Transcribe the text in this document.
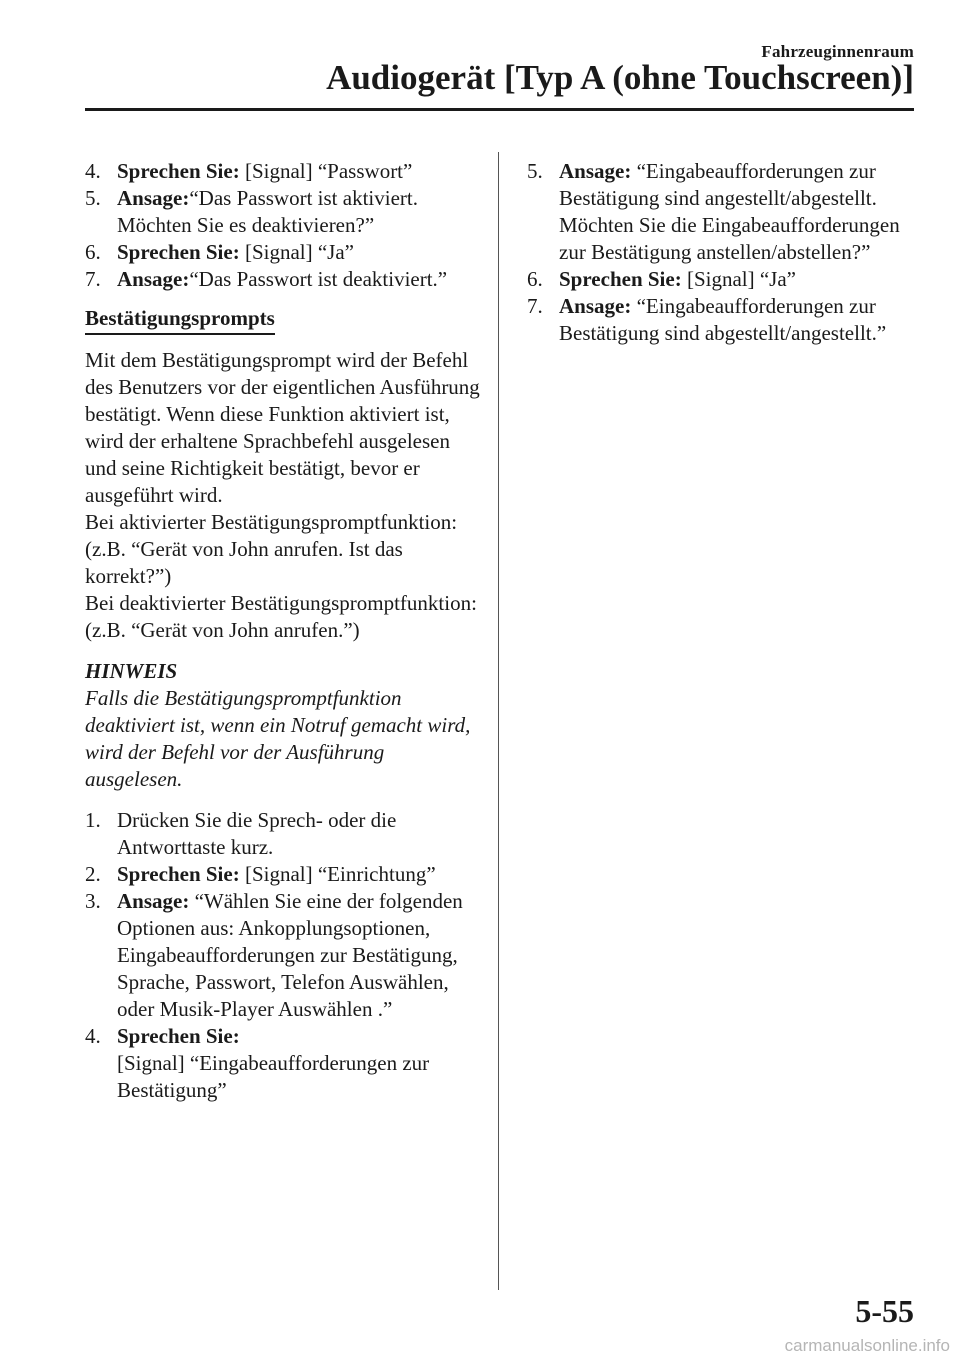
Fahrzeuginnenraum
Audiogerät [Typ A (ohne Touchscreen)]
4. Sprechen Sie: [Signal] “Passwort”
5. Ansage:“Das Passwort ist aktiviert. Möchten Sie es deaktivieren?”
6. Sprechen Sie: [Signal] “Ja”
7. Ansage:“Das Passwort ist deaktiviert.”
Bestätigungsprompts

Mit dem Bestätigungsprompt wird der Befehl des Benutzers vor der eigentlichen Ausführung bestätigt. Wenn diese Funktion aktiviert ist, wird der erhaltene Sprachbefehl ausgelesen und seine Richtigkeit bestätigt, bevor er ausgeführt wird.

Bei aktivierter Bestätigungspromptfunktion:

(z.B. “Gerät von John anrufen. Ist das korrekt?”)

Bei deaktivierter Bestätigungspromptfunktion:

(z.B. “Gerät von John anrufen.”)

HINWEIS
Falls die Bestätigungspromptfunktion deaktiviert ist, wenn ein Notruf gemacht wird, wird der Befehl vor der Ausführung ausgelesen.
1. Drücken Sie die Sprech- oder die Antworttaste kurz.
2. Sprechen Sie: [Signal] “Einrichtung”
3. Ansage: “Wählen Sie eine der folgenden Optionen aus: Ankopplungsoptionen, Eingabeaufforderungen zur Bestätigung, Sprache, Passwort, Telefon Auswählen, oder Musik-Player Auswählen .”
4. Sprechen Sie:
[Signal] “Eingabeaufforderungen zur Bestätigung”
5. Ansage: “Eingabeaufforderungen zur Bestätigung sind angestellt/abgestellt. Möchten Sie die Eingabeaufforderungen zur Bestätigung anstellen/abstellen?”
6. Sprechen Sie: [Signal] “Ja”
7. Ansage: “Eingabeaufforderungen zur Bestätigung sind abgestellt/angestellt.”
5-55
carmanualsonline.info
